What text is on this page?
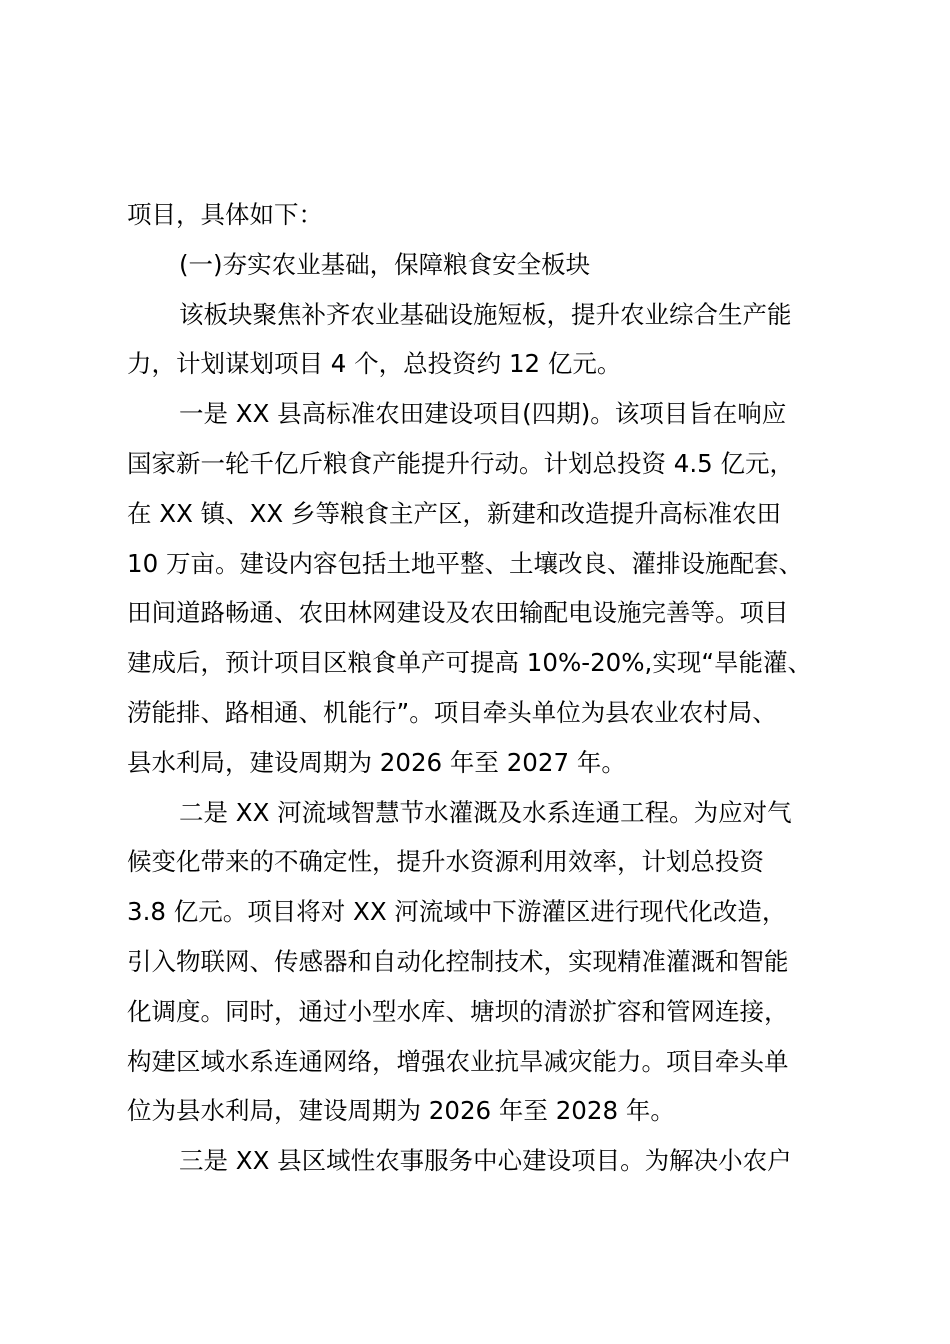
项目，具体如下：
(一)夯实农业基础，保障粮食安全板块
该板块聚焦补齐农业基础设施短板，提升农业综合生产能
力，计划谋划项目 4 个，总投资约 12 亿元。
一是 XX 县高标准农田建设项目(四期)。该项目旨在响应
国家新一轮千亿斤粮食产能提升行动。计划总投资 4.5 亿元，
在 XX 镇、XX 乡等粮食主产区，新建和改造提升高标准农田
10 万亩。建设内容包括土地平整、土壤改良、灌排设施配套、
田间道路畅通、农田林网建设及农田输配电设施完善等。项目
建成后，预计项目区粮食单产可提高 10%-20%,实现“旱能灌、
涝能排、路相通、机能行”。项目牵头单位为县农业农村局、
县水利局，建设周期为 2026 年至 2027 年。
二是 XX 河流域智慧节水灌溉及水系连通工程。为应对气
候变化带来的不确定性，提升水资源利用效率，计划总投资
3.8 亿元。项目将对 XX 河流域中下游灌区进行现代化改造，
引入物联网、传感器和自动化控制技术，实现精准灌溉和智能
化调度。同时，通过小型水库、塘坝的清淤扩容和管网连接，
构建区域水系连通网络，增强农业抗旱减灾能力。项目牵头单
位为县水利局，建设周期为 2026 年至 2028 年。
三是 XX 县区域性农事服务中心建设项目。为解决小农户
